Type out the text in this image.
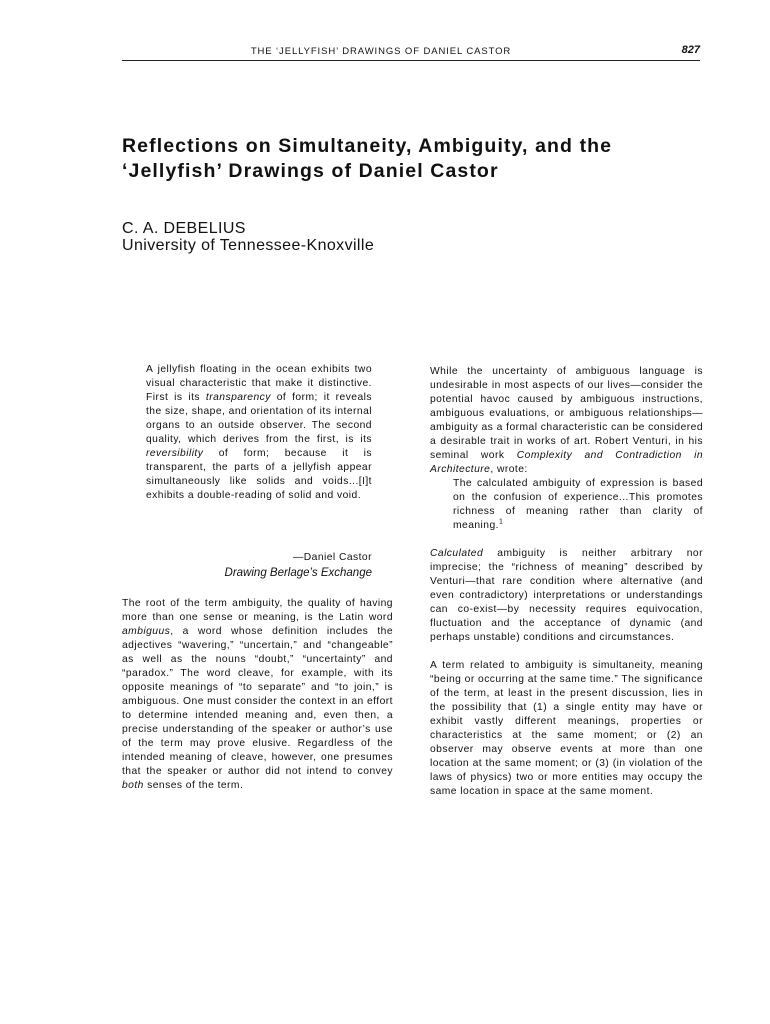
THE ‘JELLYFISH’ DRAWINGS OF DANIEL CASTOR	827
Reflections on Simultaneity, Ambiguity, and the
‘Jellyfish’ Drawings of Daniel Castor
C. A. DEBELIUS
University of Tennessee-Knoxville

A jellyfish floating in the ocean exhibits two visual characteristic that make it distinctive. First is its transparency of form; it reveals the size, shape, and orientation of its internal organs to an outside observer. The second quality, which derives from the first, is its reversibility of form; because it is transparent, the parts of a jellyfish appear simultaneously like solids and voids...[I]t exhibits a double-reading of solid and void.

—Daniel Castor
Drawing Berlage’s Exchange

The root of the term ambiguity, the quality of having more than one sense or meaning, is the Latin word ambiguus, a word whose definition includes the adjectives “wavering,” “uncertain,” and “changeable” as well as the nouns “doubt,” “uncertainty” and “paradox.” The word cleave, for example, with its opposite meanings of “to separate” and “to join,” is ambiguous. One must consider the context in an effort to determine intended meaning and, even then, a precise understanding of the speaker or author’s use of the term may prove elusive. Regardless of the intended meaning of cleave, however, one presumes that the speaker or author did not intend to convey both senses of the term.

While the uncertainty of ambiguous language is undesirable in most aspects of our lives—consider the potential havoc caused by ambiguous instructions, ambiguous evaluations, or ambiguous relationships—ambiguity as a formal characteristic can be considered a desirable trait in works of art. Robert Venturi, in his seminal work Complexity and Contradiction in Architecture, wrote:

The calculated ambiguity of expression is based on the confusion of experience...This promotes richness of meaning rather than clarity of meaning.$^1$

Calculated ambiguity is neither arbitrary nor imprecise; the “richness of meaning” described by Venturi—that rare condition where alternative (and even contradictory) interpretations or understandings can co-exist—by necessity requires equivocation, fluctuation and the acceptance of dynamic (and perhaps unstable) conditions and circumstances.

A term related to ambiguity is simultaneity, meaning “being or occurring at the same time.” The significance of the term, at least in the present discussion, lies in the possibility that (1) a single entity may have or exhibit vastly different meanings, properties or characteristics at the same moment; or (2) an observer may observe events at more than one location at the same moment; or (3) (in violation of the laws of physics) two or more entities may occupy the same location in space at the same moment.
